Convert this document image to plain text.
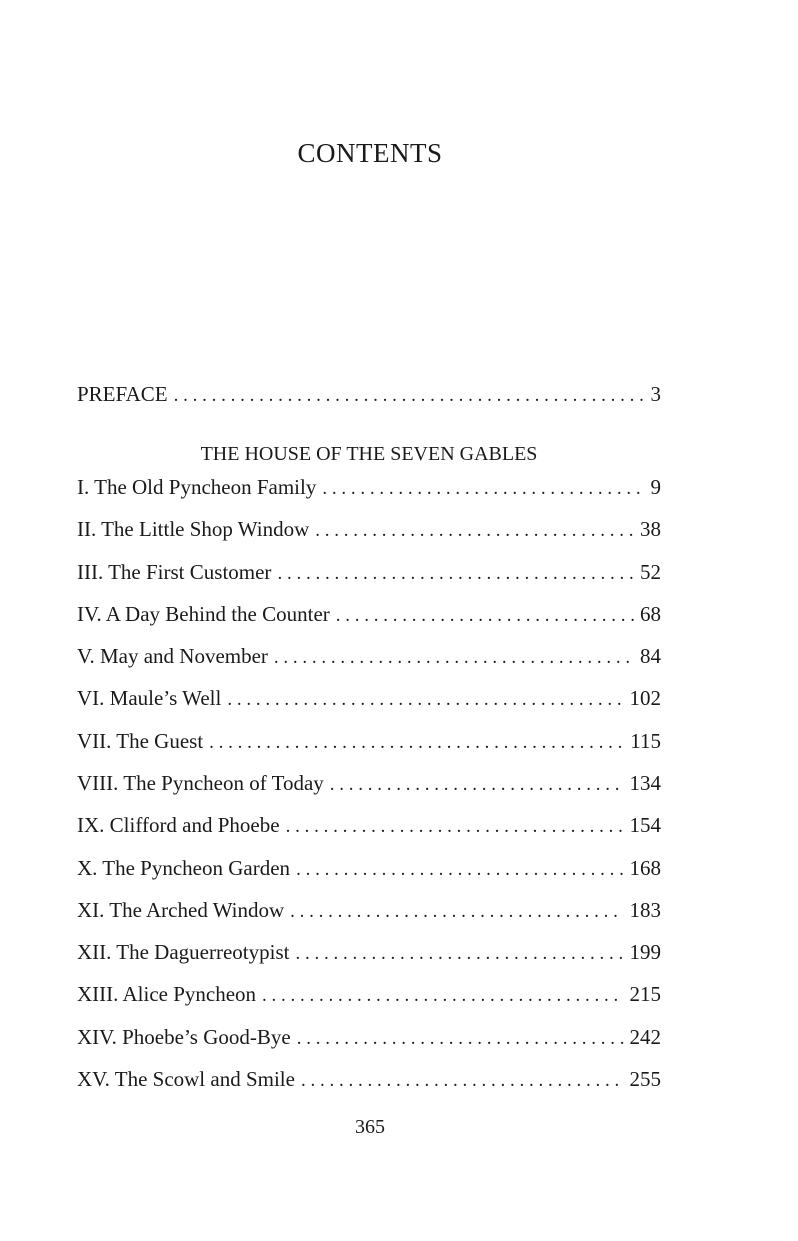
CONTENTS
PREFACE . . .	3
THE HOUSE OF THE SEVEN GABLES
I. The Old Pyncheon Family . . .	9
II. The Little Shop Window . . .	38
III. The First Customer . . .	52
IV. A Day Behind the Counter . . .	68
V. May and November . . .	84
VI. Maule’s Well . . .	102
VII. The Guest . . .	115
VIII. The Pyncheon of Today . . .	134
IX. Clifford and Phoebe . . .	154
X. The Pyncheon Garden . . .	168
XI. The Arched Window . . .	183
XII. The Daguerreotypist . . .	199
XIII. Alice Pyncheon . . .	215
XIV. Phoebe’s Good-Bye . . .	242
XV. The Scowl and Smile . . .	255
365
